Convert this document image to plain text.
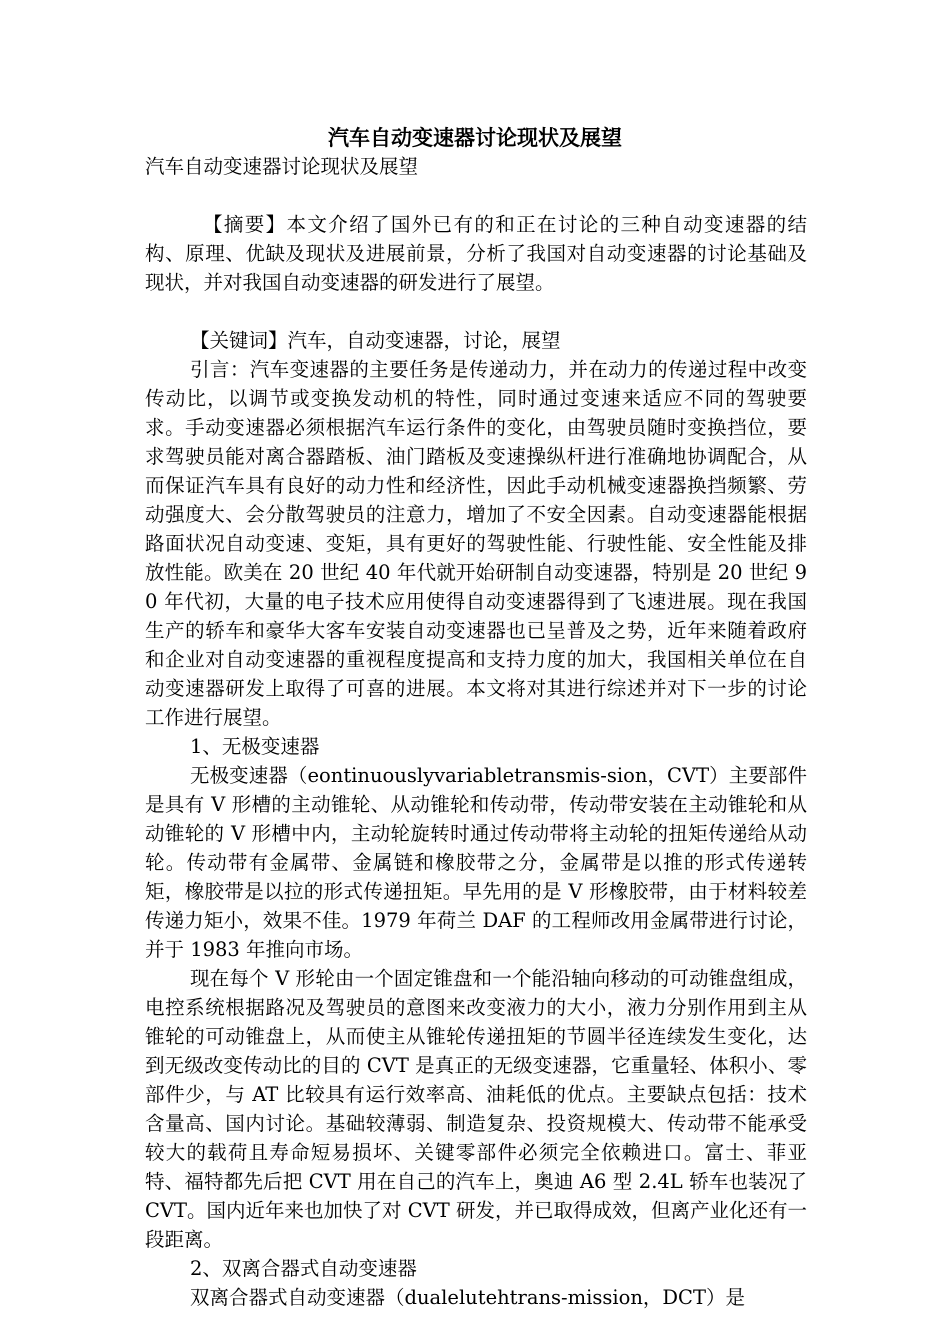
汽车自动变速器讨论现状及展望

汽车自动变速器讨论现状及展望

【摘要】本文介绍了国外已有的和正在讨论的三种自动变速器的结构、原理、优缺及现状及进展前景，分析了我国对自动变速器的讨论基础及现状，并对我国自动变速器的研发进行了展望。

【关键词】汽车，自动变速器，讨论，展望

引言：汽车变速器的主要任务是传递动力，并在动力的传递过程中改变传动比，以调节或变换发动机的特性，同时通过变速来适应不同的驾驶要求。手动变速器必须根据汽车运行条件的变化，由驾驶员随时变换挡位，要求驾驶员能对离合器踏板、油门踏板及变速操纵杆进行准确地协调配合，从而保证汽车具有良好的动力性和经济性，因此手动机械变速器换挡频繁、劳动强度大、会分散驾驶员的注意力，增加了不安全因素。自动变速器能根据路面状况自动变速、变矩，具有更好的驾驶性能、行驶性能、安全性能及排放性能。欧美在 20 世纪 40 年代就开始研制自动变速器，特别是 20 世纪 90 年代初，大量的电子技术应用使得自动变速器得到了飞速进展。现在我国生产的轿车和豪华大客车安装自动变速器也已呈普及之势，近年来随着政府和企业对自动变速器的重视程度提高和支持力度的加大，我国相关单位在自动变速器研发上取得了可喜的进展。本文将对其进行综述并对下一步的讨论工作进行展望。

1、无极变速器

无极变速器（eontinuouslyvariabletransmis-sion，CVT）主要部件是具有 V 形槽的主动锥轮、从动锥轮和传动带，传动带安装在主动锥轮和从动锥轮的 V 形槽中内，主动轮旋转时通过传动带将主动轮的扭矩传递给从动轮。传动带有金属带、金属链和橡胶带之分，金属带是以推的形式传递转矩，橡胶带是以拉的形式传递扭矩。早先用的是 V 形橡胶带，由于材料较差传递力矩小，效果不佳。1979 年荷兰 DAF 的工程师改用金属带进行讨论，并于 1983 年推向市场。

现在每个 V 形轮由一个固定锥盘和一个能沿轴向移动的可动锥盘组成，电控系统根据路况及驾驶员的意图来改变液力的大小，液力分别作用到主从锥轮的可动锥盘上，从而使主从锥轮传递扭矩的节圆半径连续发生变化，达到无级改变传动比的目的 CVT 是真正的无级变速器，它重量轻、体积小、零部件少，与 AT 比较具有运行效率高、油耗低的优点。主要缺点包括：技术含量高、国内讨论。基础较薄弱、制造复杂、投资规模大、传动带不能承受较大的载荷且寿命短易损坏、关键零部件必须完全依赖进口。富士、菲亚特、福特都先后把 CVT 用在自己的汽车上，奥迪 A6 型 2.4L 轿车也装况了 CVT。国内近年来也加快了对 CVT 研发，并已取得成效，但离产业化还有一段距离。

2、双离合器式自动变速器

双离合器式自动变速器（dualelutehtrans-mission，DCT）是
